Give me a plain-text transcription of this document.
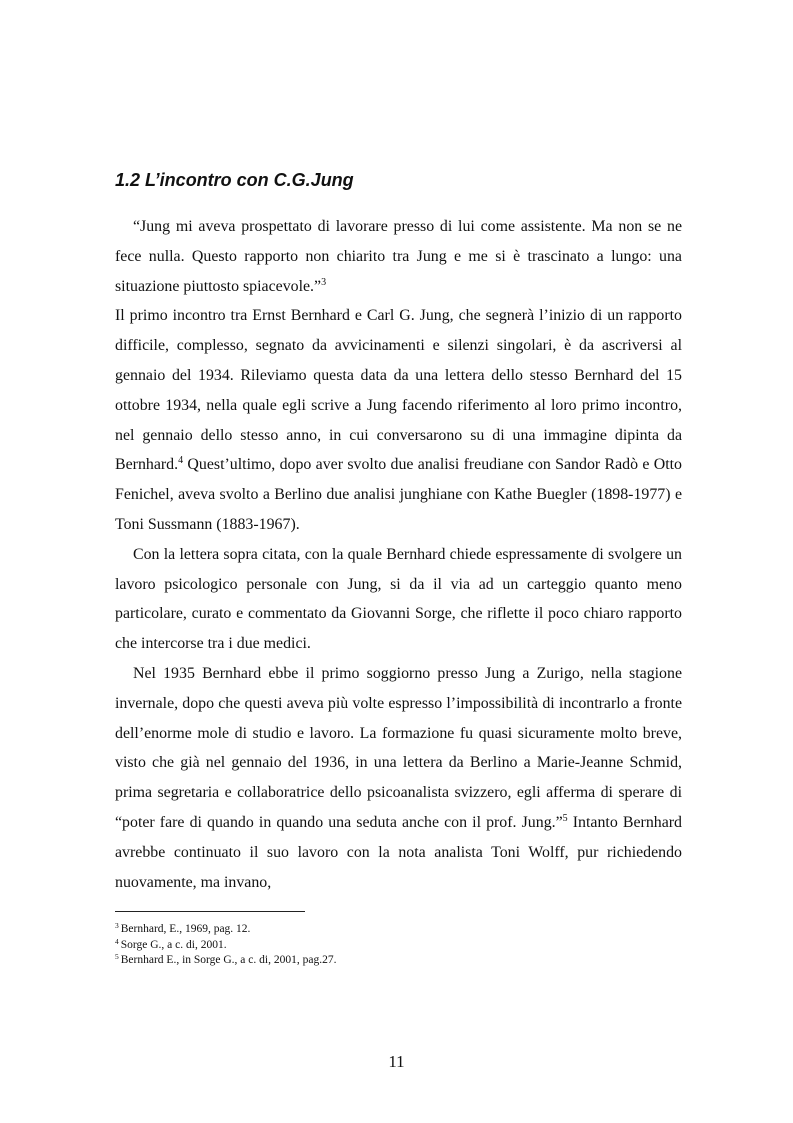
1.2 L’incontro con C.G.Jung

“Jung mi aveva prospettato di lavorare presso di lui come assistente. Ma non se ne fece nulla. Questo rapporto non chiarito tra Jung e me si è trascinato a lungo: una situazione piuttosto spiacevole.”$^3$

Il primo incontro tra Ernst Bernhard e Carl G. Jung, che segnerà l’inizio di un rapporto difficile, complesso, segnato da avvicinamenti e silenzi singolari, è da ascriversi al gennaio del 1934. Rileviamo questa data da una lettera dello stesso Bernhard del 15 ottobre 1934, nella quale egli scrive a Jung facendo riferimento al loro primo incontro, nel gennaio dello stesso anno, in cui conversarono su di una immagine dipinta da Bernhard.$^4$ Quest’ultimo, dopo aver svolto due analisi freudiane con Sandor Radò e Otto Fenichel, aveva svolto a Berlino due analisi junghiane con Kathe Buegler (1898-1977) e Toni Sussmann (1883-1967).

Con la lettera sopra citata, con la quale Bernhard chiede espressamente di svolgere un lavoro psicologico personale con Jung, si da il via ad un carteggio quanto meno particolare, curato e commentato da Giovanni Sorge, che riflette il poco chiaro rapporto che intercorse tra i due medici.

Nel 1935 Bernhard ebbe il primo soggiorno presso Jung a Zurigo, nella stagione invernale, dopo che questi aveva più volte espresso l’impossibilità di incontrarlo a fronte dell’enorme mole di studio e lavoro. La formazione fu quasi sicuramente molto breve, visto che già nel gennaio del 1936, in una lettera da Berlino a Marie-Jeanne Schmid, prima segretaria e collaboratrice dello psicoanalista svizzero, egli afferma di sperare di “poter fare di quando in quando una seduta anche con il prof. Jung.”$^5$ Intanto Bernhard avrebbe continuato il suo lavoro con la nota analista Toni Wolff, pur richiedendo nuovamente, ma invano,

$^3$ Bernhard, E., 1969, pag. 12.
$^4$ Sorge G., a c. di, 2001.
$^5$ Bernhard E., in Sorge G., a c. di, 2001, pag.27.
11
